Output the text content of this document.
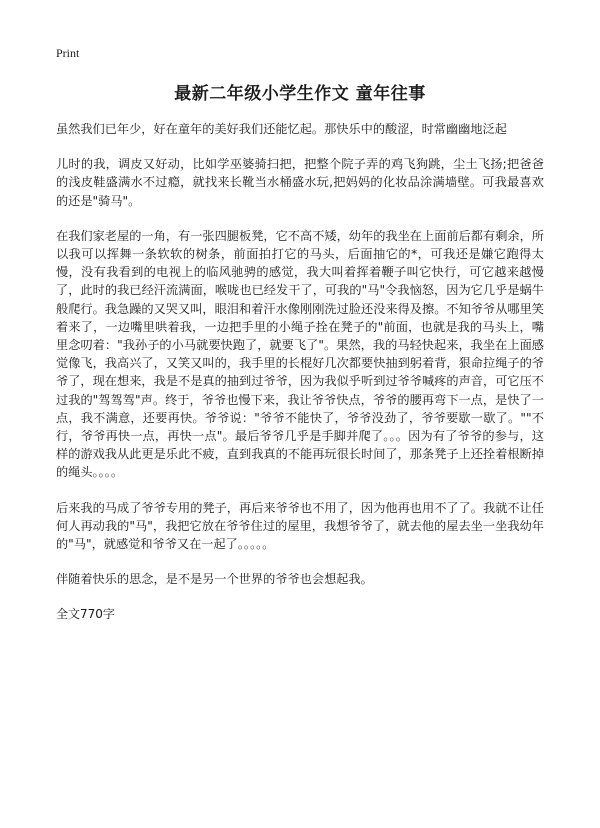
Print
最新二年级小学生作文 童年往事

虽然我们已年少，好在童年的美好我们还能忆起。那快乐中的酸涩，时常幽幽地泛起

儿时的我，调皮又好动，比如学巫婆骑扫把，把整个院子弄的鸡飞狗跳，尘土飞扬;把爸爸的浅皮鞋盛满水不过瘾，就找来长靴当水桶盛水玩,把妈妈的化妆品涂满墙壁。可我最喜欢的还是"骑马"。

在我们家老屋的一角，有一张四腿板凳，它不高不矮，幼年的我坐在上面前后都有剩余，所以我可以挥舞一条软软的树条，前面拍打它的马头，后面抽它的*，可我还是嫌它跑得太慢，没有我看到的电视上的临风驰骋的感觉，我大叫着挥着鞭子叫它快行，可它越来越慢了，此时的我已经汗流满面，喉咙也已经发干了，可我的"马"令我恼怒，因为它几乎是蜗牛般爬行。我急躁的又哭又叫，眼泪和着汗水像刚刚洗过脸还没来得及擦。不知爷爷从哪里笑着来了，一边嘴里哄着我，一边把手里的小绳子拴在凳子的"前面，也就是我的马头上，嘴里念叨着："我孙子的小马就要快跑了，就要飞了"。果然，我的马轻快起来，我坐在上面感觉像飞，我高兴了，又笑又叫的，我手里的长棍好几次都要快抽到躬着背，狠命拉绳子的爷爷了，现在想来，我是不是真的抽到过爷爷，因为我似乎听到过爷爷喊疼的声音，可它压不过我的"驾驾驾"声。终于，爷爷也慢下来，我让爷爷快点，爷爷的腰再弯下一点，是快了一点，我不满意，还要再快。爷爷说："爷爷不能快了，爷爷没劲了，爷爷要歇一歇了。""不行，爷爷再快一点，再快一点"。最后爷爷几乎是手脚并爬了。。。因为有了爷爷的参与，这样的游戏我从此更是乐此不疲，直到我真的不能再玩很长时间了，那条凳子上还拴着根断掉的绳头。。。。

后来我的马成了爷爷专用的凳子，再后来爷爷也不用了，因为他再也用不了了。我就不让任何人再动我的"马"，我把它放在爷爷住过的屋里，我想爷爷了，就去他的屋去坐一坐我幼年的"马"，就感觉和爷爷又在一起了。。。。。

伴随着快乐的思念，是不是另一个世界的爷爷也会想起我。

全文770字
